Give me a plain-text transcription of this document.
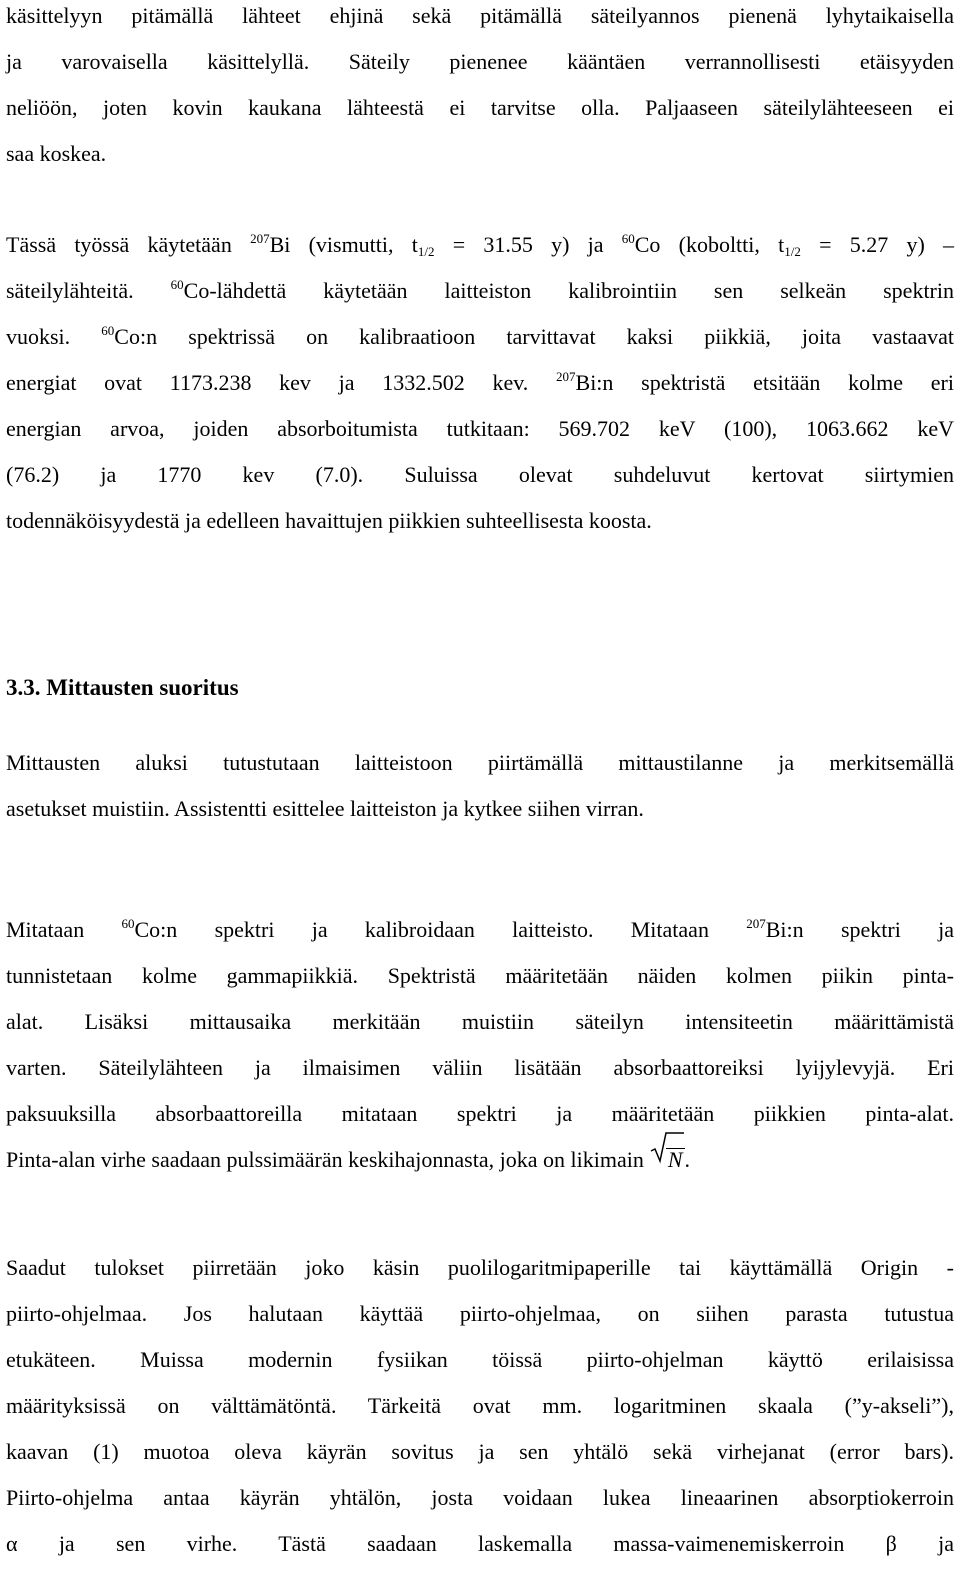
käsittelyyn pitämällä lähteet ehjinä sekä pitämällä säteilyannos pienenä lyhytaikaisella
ja varovaisella käsittelyllä. Säteily pienenee kääntäen verrannollisesti etäisyyden
neliöön, joten kovin kaukana lähteestä ei tarvitse olla. Paljaaseen säteilylähteeseen ei
saa koskea.

Tässä työssä käytetään $^{207}$Bi (vismutti, $t_{1/2} = 31.55$ y) ja $^{60}$Co (koboltti, $t_{1/2} = 5.27$ y) –
säteilylähteitä. $^{60}$Co-lähdettä käytetään laitteiston kalibrointiin sen selkeän spektrin
vuoksi. $^{60}$Co:n spektrissä on kalibraatioon tarvittavat kaksi piikkiä, joita vastaavat
energiat ovat 1173.238 kev ja 1332.502 kev. $^{207}$Bi:n spektristä etsitään kolme eri
energian arvoa, joiden absorboitumista tutkitaan: 569.702 keV (100), 1063.662 keV
(76.2) ja 1770 kev (7.0). Suluissa olevat suhdeluvut kertovat siirtymien
todennäköisyydestä ja edelleen havaittujen piikkien suhteellisesta koosta.

3.3. Mittausten suoritus

Mittausten aluksi tutustutaan laitteistoon piirtämällä mittaustilanne ja merkitsemällä
asetukset muistiin. Assistentti esittelee laitteiston ja kytkee siihen virran.

Mitataan $^{60}$Co:n spektri ja kalibroidaan laitteisto. Mitataan $^{207}$Bi:n spektri ja
tunnistetaan kolme gammapiikkiä. Spektristä määritetään näiden kolmen piikin pinta-
alat. Lisäksi mittausaika merkitään muistiin säteilyn intensiteetin määrittämistä
varten. Säteilylähteen ja ilmaisimen väliin lisätään absorbaattoreiksi lyijylevyjä. Eri
paksuuksilla absorbaattoreilla mitataan spektri ja määritetään piikkien pinta-alat.
Pinta-alan virhe saadaan pulssimäärän keskihajonnasta, joka on likimain N.

Saadut tulokset piirretään joko käsin puolilogaritmipaperille tai käyttämällä Origin -
piirto-ohjelmaa. Jos halutaan käyttää piirto-ohjelmaa, on siihen parasta tutustua
etukäteen. Muissa modernin fysiikan töissä piirto-ohjelman käyttö erilaisissa
määrityksissä on välttämätöntä. Tärkeitä ovat mm. logaritminen skaala (”y-akseli”),
kaavan (1) muotoa oleva käyrän sovitus ja sen yhtälö sekä virhejanat (error bars).
Piirto-ohjelma antaa käyrän yhtälön, josta voidaan lukea lineaarinen absorptiokerroin
α ja sen virhe. Tästä saadaan laskemalla massa-vaimenemiskerroin β ja
